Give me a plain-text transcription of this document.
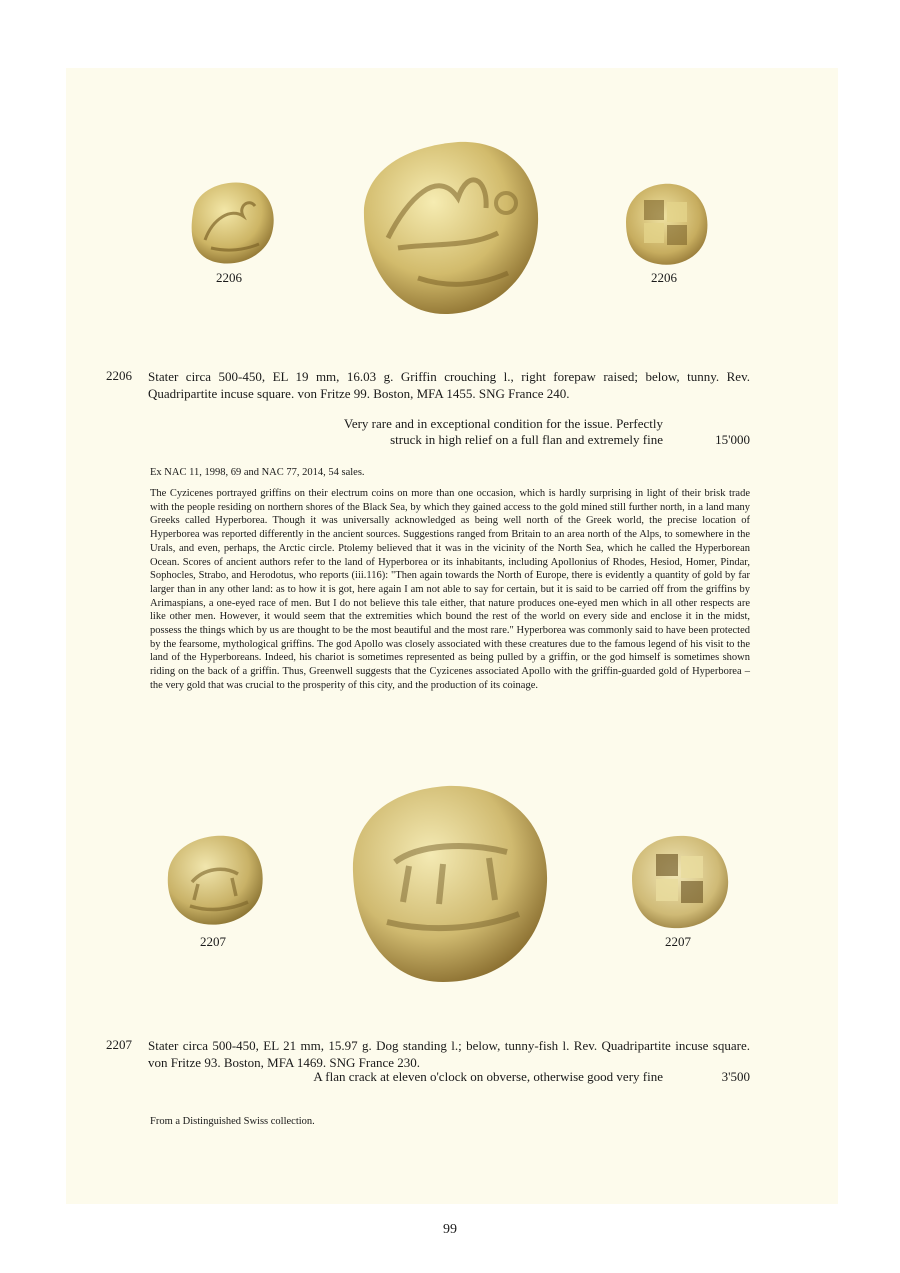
2206	2206
2206 Stater circa 500-450, EL 19 mm, 16.03 g. Griffin crouching l., right forepaw raised; below, tunny. Rev. Quadripartite incuse square. von Fritze 99. Boston, MFA 1455. SNG France 240.
Very rare and in exceptional condition for the issue. Perfectly
struck in high relief on a full flan and extremely fine	15'000
Ex NAC 11, 1998, 69 and NAC 77, 2014, 54 sales.
The Cyzicenes portrayed griffins on their electrum coins on more than one occasion, which is hardly surprising in light of their brisk trade with the people residing on northern shores of the Black Sea, by which they gained access to the gold mined still further north, in a land many Greeks called Hyperborea. Though it was universally acknowledged as being well north of the Greek world, the precise location of Hyperborea was reported differently in the ancient sources. Suggestions ranged from Britain to an area north of the Alps, to somewhere in the Urals, and even, perhaps, the Arctic circle. Ptolemy believed that it was in the vicinity of the North Sea, which he called the Hyperborean Ocean. Scores of ancient authors refer to the land of Hyperborea or its inhabitants, including Apollonius of Rhodes, Hesiod, Homer, Pindar, Sophocles, Strabo, and Herodotus, who reports (iii.116): "Then again towards the North of Europe, there is evidently a quantity of gold by far larger than in any other land: as to how it is got, here again I am not able to say for certain, but it is said to be carried off from the griffins by Arimaspians, a one-eyed race of men. But I do not believe this tale either, that nature produces one-eyed men which in all other respects are like other men. However, it would seem that the extremities which bound the rest of the world on every side and enclose it in the midst, possess the things which by us are thought to be the most beautiful and the most rare." Hyperborea was commonly said to have been protected by the fearsome, mythological griffins. The god Apollo was closely associated with these creatures due to the famous legend of his visit to the land of the Hyperboreans. Indeed, his chariot is sometimes represented as being pulled by a griffin, or the god himself is sometimes shown riding on the back of a griffin. Thus, Greenwell suggests that the Cyzicenes associated Apollo with the griffin-guarded gold of Hyperborea – the very gold that was crucial to the prosperity of this city, and the production of its coinage.
2207	2207
2207 Stater circa 500-450, EL 21 mm, 15.97 g. Dog standing l.; below, tunny-fish l. Rev. Quadripartite incuse square. von Fritze 93. Boston, MFA 1469. SNG France 230.
A flan crack at eleven o'clock on obverse, otherwise good very fine	3'500
From a Distinguished Swiss collection.
99
